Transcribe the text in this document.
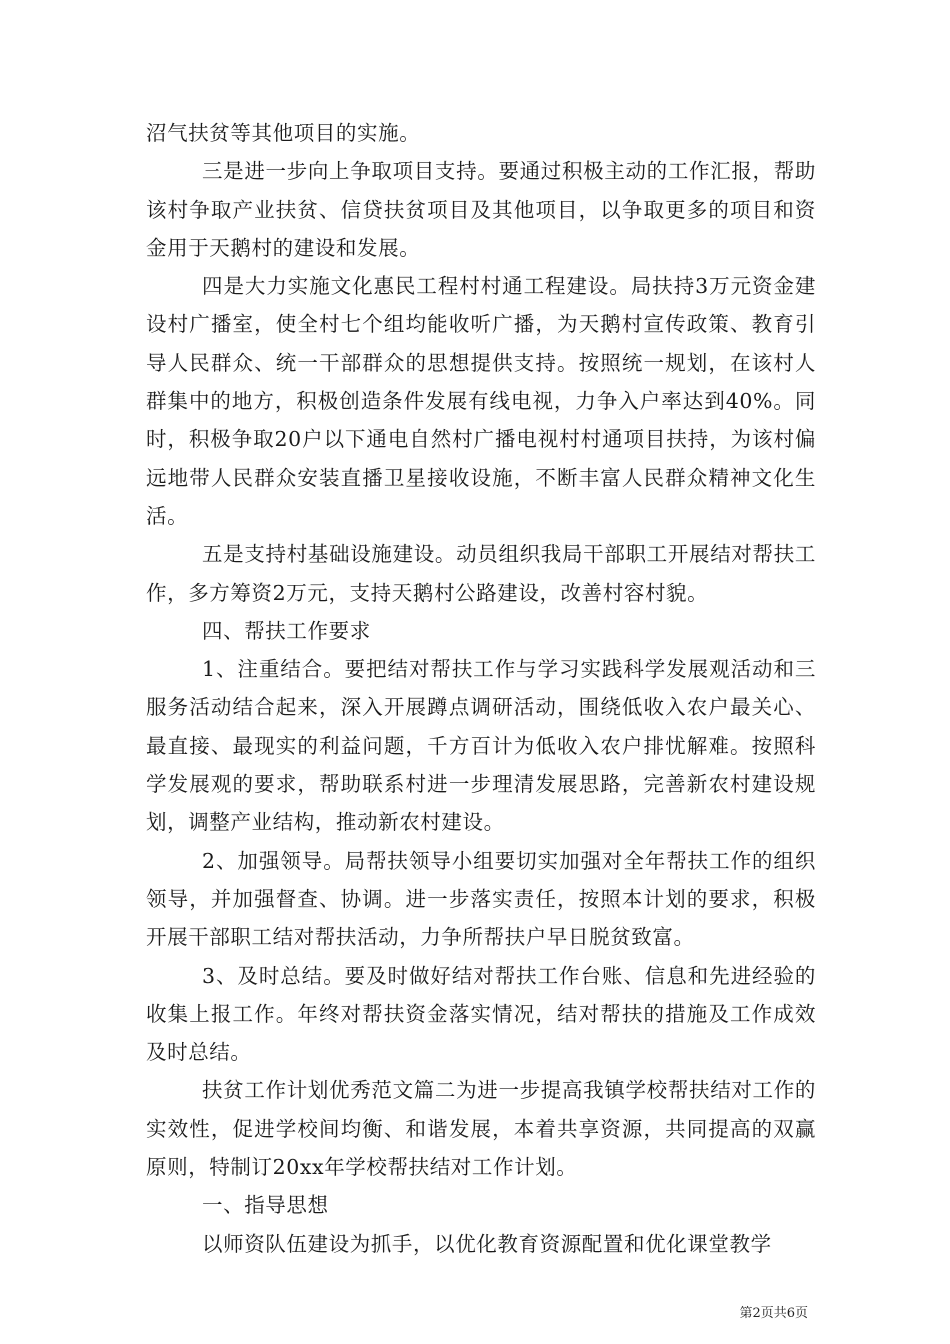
沼气扶贫等其他项目的实施。

三是进一步向上争取项目支持。要通过积极主动的工作汇报，帮助该村争取产业扶贫、信贷扶贫项目及其他项目，以争取更多的项目和资金用于天鹅村的建设和发展。

四是大力实施文化惠民工程村村通工程建设。局扶持3万元资金建设村广播室，使全村七个组均能收听广播，为天鹅村宣传政策、教育引导人民群众、统一干部群众的思想提供支持。按照统一规划，在该村人群集中的地方，积极创造条件发展有线电视，力争入户率达到40%。同时，积极争取20户以下通电自然村广播电视村村通项目扶持，为该村偏远地带人民群众安装直播卫星接收设施，不断丰富人民群众精神文化生活。

五是支持村基础设施建设。动员组织我局干部职工开展结对帮扶工作，多方筹资2万元，支持天鹅村公路建设，改善村容村貌。

四、帮扶工作要求

1、注重结合。要把结对帮扶工作与学习实践科学发展观活动和三服务活动结合起来，深入开展蹲点调研活动，围绕低收入农户最关心、最直接、最现实的利益问题，千方百计为低收入农户排忧解难。按照科学发展观的要求，帮助联系村进一步理清发展思路，完善新农村建设规划，调整产业结构，推动新农村建设。

2、加强领导。局帮扶领导小组要切实加强对全年帮扶工作的组织领导，并加强督查、协调。进一步落实责任，按照本计划的要求，积极开展干部职工结对帮扶活动，力争所帮扶户早日脱贫致富。

3、及时总结。要及时做好结对帮扶工作台账、信息和先进经验的收集上报工作。年终对帮扶资金落实情况，结对帮扶的措施及工作成效及时总结。

扶贫工作计划优秀范文篇二为进一步提高我镇学校帮扶结对工作的实效性，促进学校间均衡、和谐发展，本着共享资源，共同提高的双赢原则，特制订20xx年学校帮扶结对工作计划。

一、指导思想

以师资队伍建设为抓手，以优化教育资源配置和优化课堂教学

第2页共6页
